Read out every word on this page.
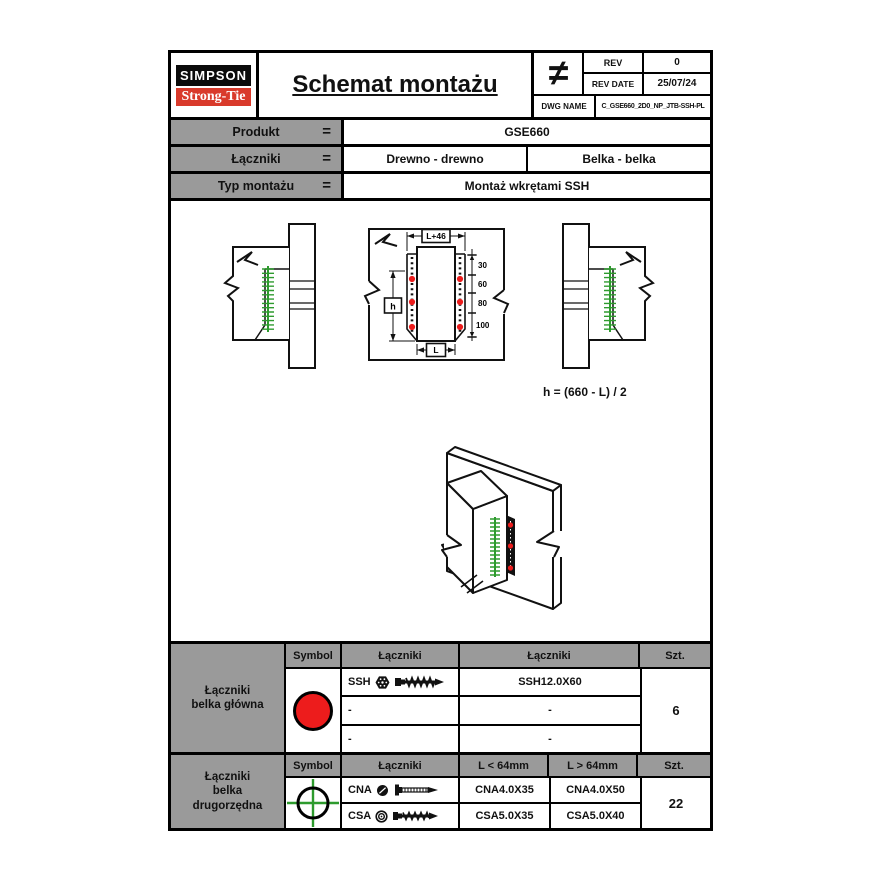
SIMPSON
Strong-Tie Schemat montażu	≠	REV	0
REV DATE	25/07/24
DWG NAME	C_GSE660_2D0_NP_JTB-SSH-PL
Produkt	=	GSE660
Łączniki	=	Drewno - drewno	Belka - belka
Typ montażu =	Montaż wkrętami SSH
L+46
h
L
30
60
80
100
h = (660 - L) / 2
Łączniki
belka główna
Symbol	Łączniki	Łączniki	Szt.
SSH	SSH12.0X60
-	-
-	-
6
Łączniki
belka
drugorzędna
Symbol	Łączniki	L < 64mm	L > 64mm	Szt.
CNA	CNA4.0X35	CNA4.0X50
CSA	CSA5.0X35	CSA5.0X40
22
